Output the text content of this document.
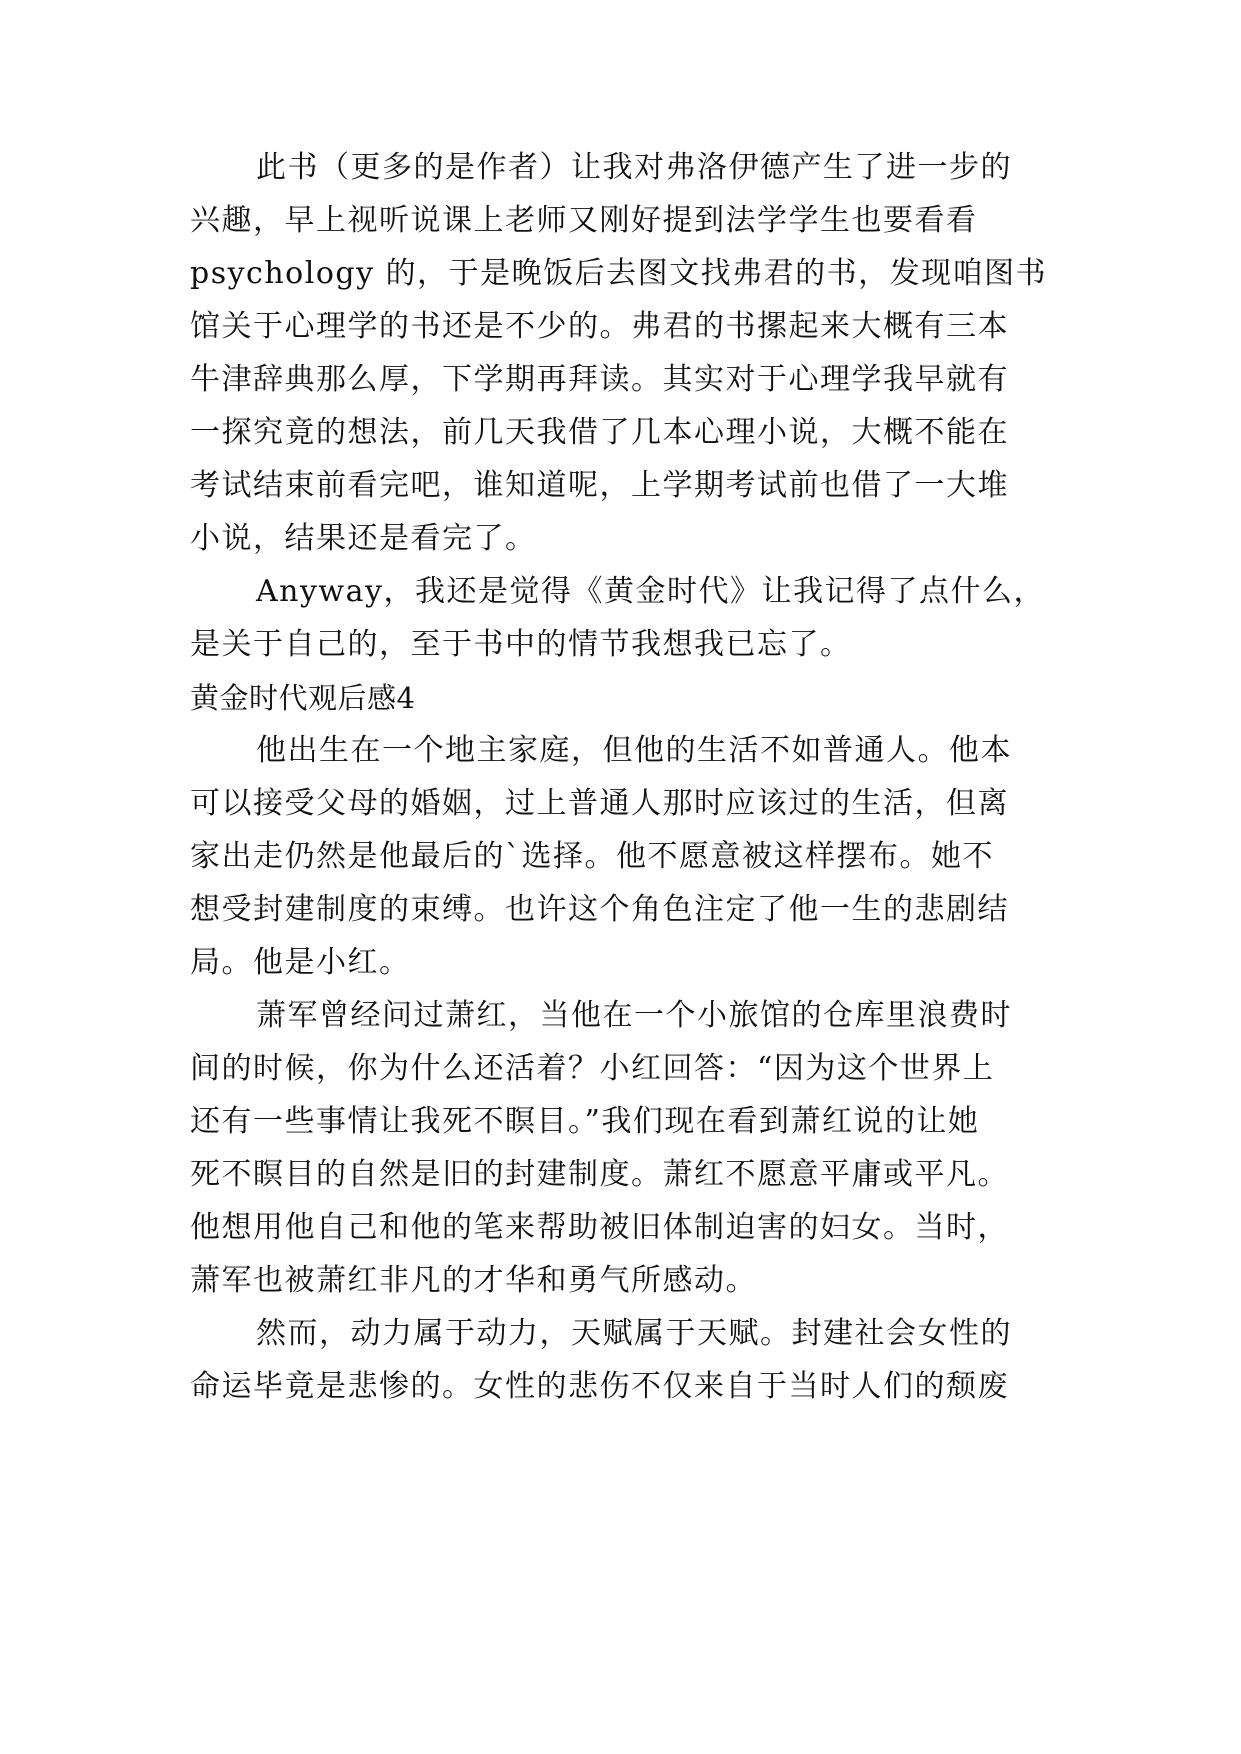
此书（更多的是作者）让我对弗洛伊德产生了进一步的
兴趣，早上视听说课上老师又刚好提到法学学生也要看看
psychology 的，于是晚饭后去图文找弗君的书，发现咱图书
馆关于心理学的书还是不少的。弗君的书摞起来大概有三本
牛津辞典那么厚，下学期再拜读。其实对于心理学我早就有
一探究竟的想法，前几天我借了几本心理小说，大概不能在
考试结束前看完吧，谁知道呢，上学期考试前也借了一大堆
小说，结果还是看完了。
Anyway，我还是觉得《黄金时代》让我记得了点什么，
是关于自己的，至于书中的情节我想我已忘了。
黄金时代观后感4
他出生在一个地主家庭，但他的生活不如普通人。他本
可以接受父母的婚姻，过上普通人那时应该过的生活，但离
家出走仍然是他最后的`选择。他不愿意被这样摆布。她不
想受封建制度的束缚。也许这个角色注定了他一生的悲剧结
局。他是小红。
萧军曾经问过萧红，当他在一个小旅馆的仓库里浪费时
间的时候，你为什么还活着？小红回答：“因为这个世界上
还有一些事情让我死不瞑目。”我们现在看到萧红说的让她
死不瞑目的自然是旧的封建制度。萧红不愿意平庸或平凡。
他想用他自己和他的笔来帮助被旧体制迫害的妇女。当时，
萧军也被萧红非凡的才华和勇气所感动。
然而，动力属于动力，天赋属于天赋。封建社会女性的
命运毕竟是悲惨的。女性的悲伤不仅来自于当时人们的颓废
